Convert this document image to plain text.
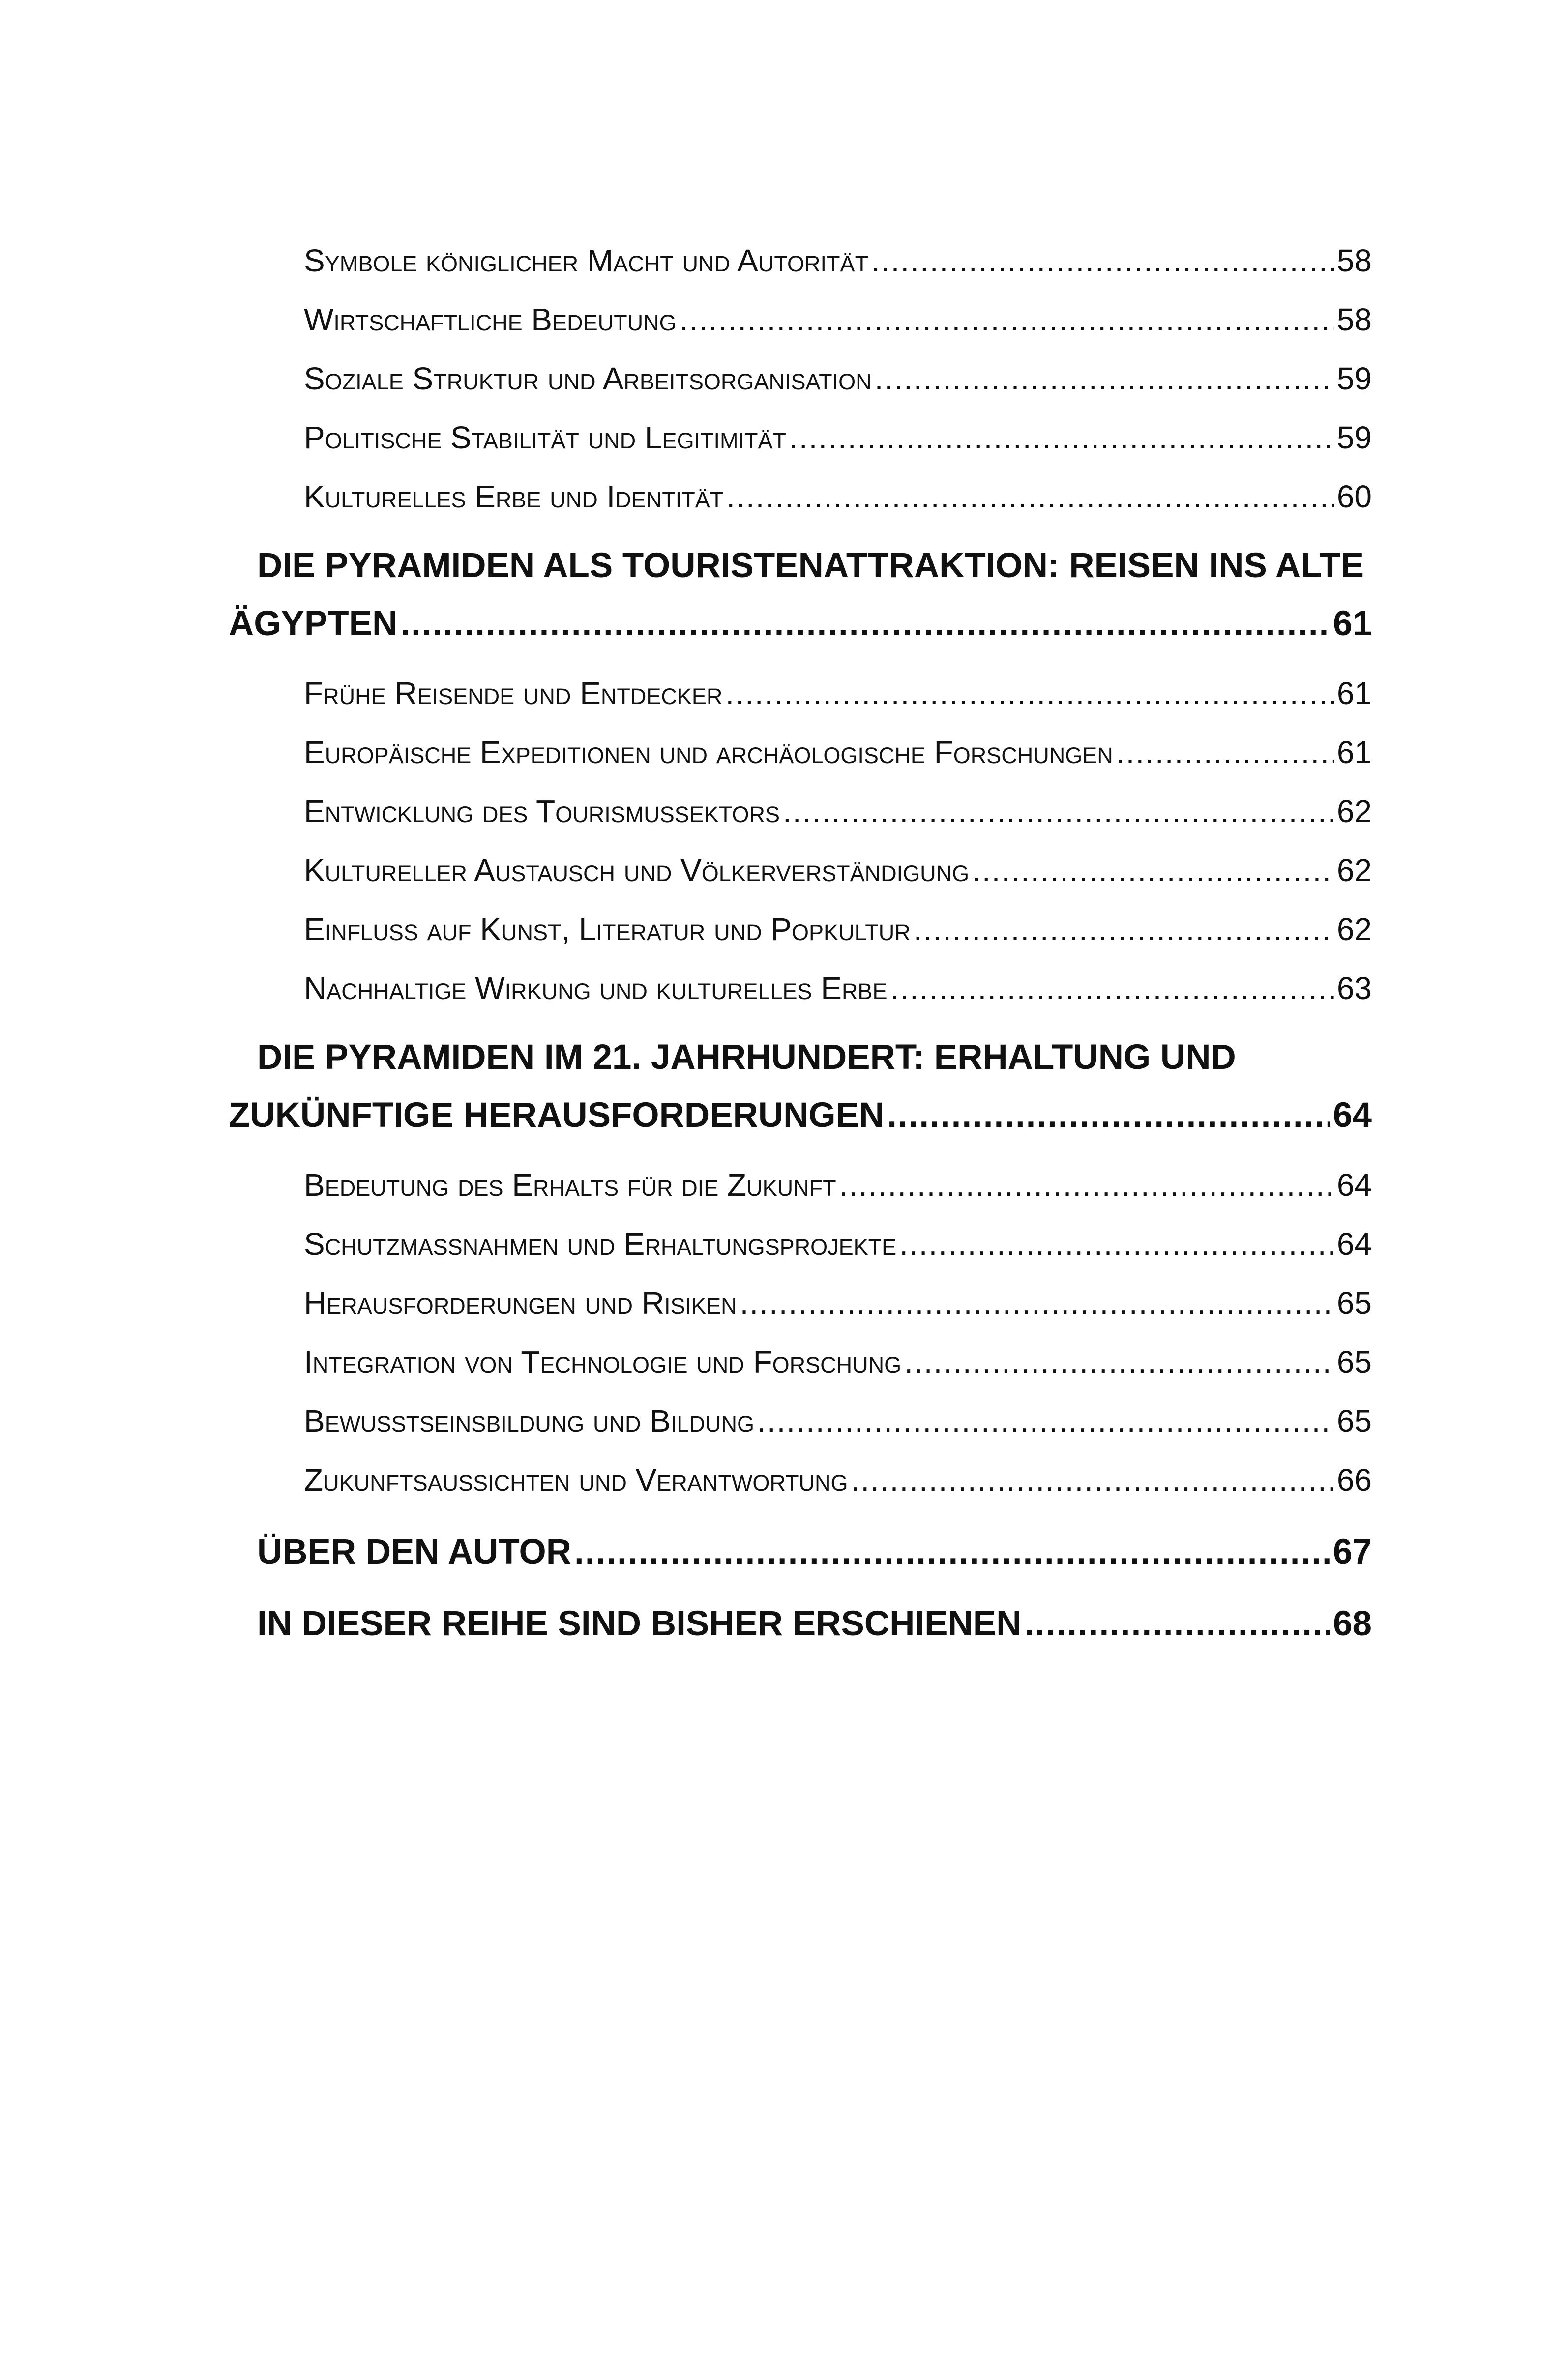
Symbole königlicher Macht und Autorität .....	58
Wirtschaftliche Bedeutung .....	58
Soziale Struktur und Arbeitsorganisation .....	59
Politische Stabilität und Legitimität .....	59
Kulturelles Erbe und Identität .....	60
DIE PYRAMIDEN ALS TOURISTENATTRAKTION: REISEN INS ALTE
ÄGYPTEN .....	61
Frühe Reisende und Entdecker .....	61
Europäische Expeditionen und archäologische Forschungen .....	61
Entwicklung des Tourismussektors .....	62
Kultureller Austausch und Völkerverständigung .....	62
Einfluss auf Kunst, Literatur und Popkultur .....	62
Nachhaltige Wirkung und kulturelles Erbe .....	63
DIE PYRAMIDEN IM 21. JAHRHUNDERT: ERHALTUNG UND
ZUKÜNFTIGE HERAUSFORDERUNGEN .....	64
Bedeutung des Erhalts für die Zukunft .....	64
Schutzmaßnahmen und Erhaltungsprojekte .....	64
Herausforderungen und Risiken .....	65
Integration von Technologie und Forschung .....	65
Bewusstseinsbildung und Bildung .....	65
Zukunftsaussichten und Verantwortung .....	66
ÜBER DEN AUTOR .....	67
IN DIESER REIHE SIND BISHER ERSCHIENEN .....	68
